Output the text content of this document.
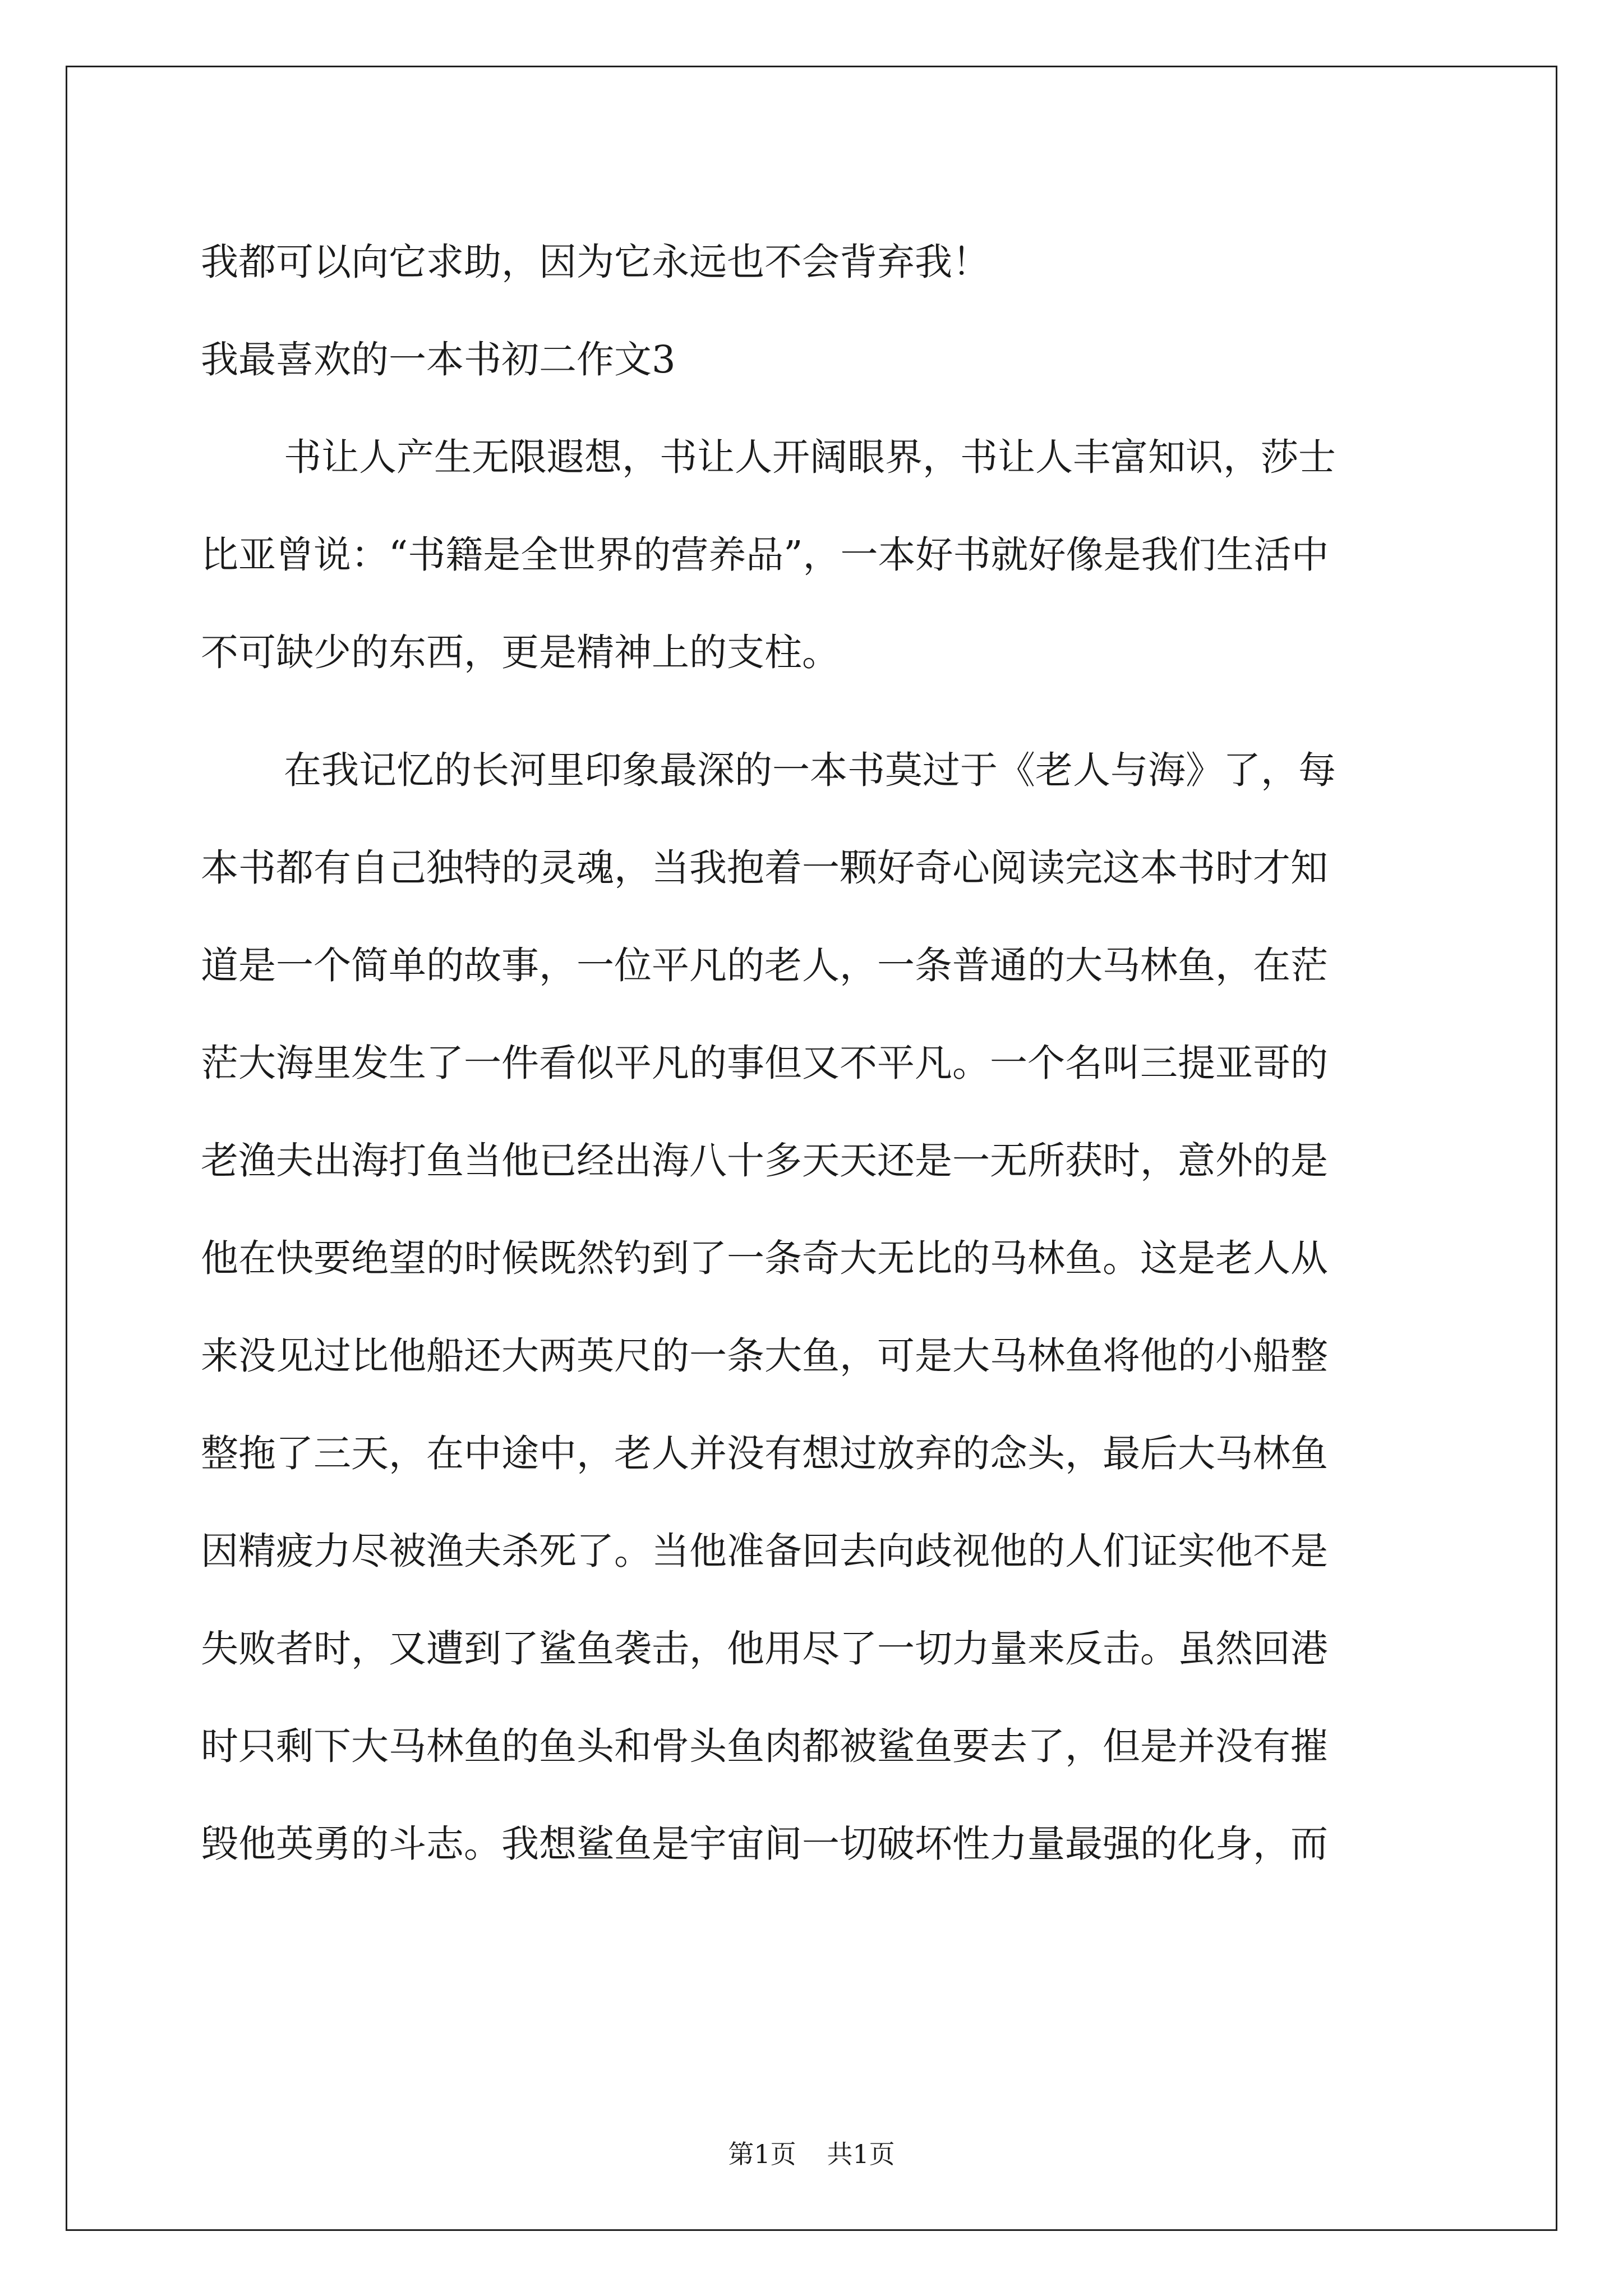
我都可以向它求助，因为它永远也不会背弃我！
我最喜欢的一本书初二作文3
书让人产生无限遐想，书让人开阔眼界，书让人丰富知识，莎士
比亚曾说：“书籍是全世界的营养品”，一本好书就好像是我们生活中
不可缺少的东西，更是精神上的支柱。
在我记忆的长河里印象最深的一本书莫过于《老人与海》了，每
本书都有自己独特的灵魂，当我抱着一颗好奇心阅读完这本书时才知
道是一个简单的故事，一位平凡的老人，一条普通的大马林鱼，在茫
茫大海里发生了一件看似平凡的事但又不平凡。一个名叫三提亚哥的
老渔夫出海打鱼当他已经出海八十多天天还是一无所获时，意外的是
他在快要绝望的时候既然钓到了一条奇大无比的马林鱼。这是老人从
来没见过比他船还大两英尺的一条大鱼，可是大马林鱼将他的小船整
整拖了三天，在中途中，老人并没有想过放弃的念头，最后大马林鱼
因精疲力尽被渔夫杀死了。当他准备回去向歧视他的人们证实他不是
失败者时，又遭到了鲨鱼袭击，他用尽了一切力量来反击。虽然回港
时只剩下大马林鱼的鱼头和骨头鱼肉都被鲨鱼要去了，但是并没有摧
毁他英勇的斗志。我想鲨鱼是宇宙间一切破坏性力量最强的化身，而
第1页 共1页
